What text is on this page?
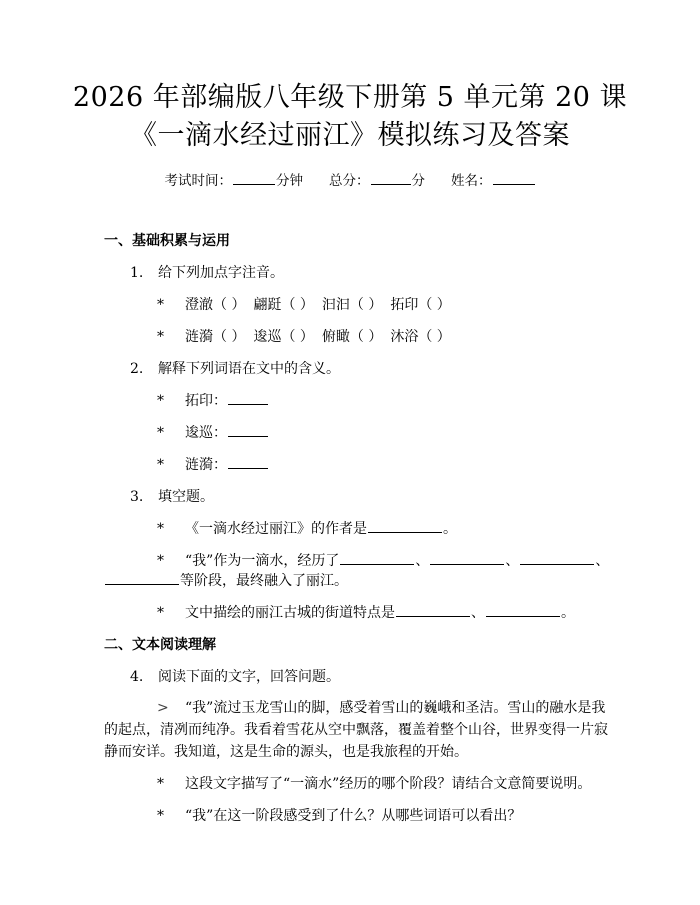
2026 年部编版八年级下册第 5 单元第 20 课
《一滴水经过丽江》模拟练习及答案
考试时间：	分钟 总分：	分 姓名：
一、基础积累与运用
1. 给下列加点字注音。
* 澄澈（ ） 翩跹（ ） 汩汩（ ） 拓印（ ）
* 涟漪（ ） 逡巡（ ） 俯瞰（ ） 沐浴（ ）
2. 解释下列词语在文中的含义。
* 拓印：
* 逡巡：
* 涟漪：
3. 填空题。
* 《一滴水经过丽江》的作者是	。
* “我”作为一滴水，经历了	、	、	、
等阶段，最终融入了丽江。
* 文中描绘的丽江古城的街道特点是	、	。
二、文本阅读理解
4. 阅读下面的文字，回答问题。
> “我”流过玉龙雪山的脚，感受着雪山的巍峨和圣洁。雪山的融水是我
的起点，清冽而纯净。我看着雪花从空中飘落，覆盖着整个山谷，世界变得一片寂
静而安详。我知道，这是生命的源头，也是我旅程的开始。
* 这段文字描写了“一滴水”经历的哪个阶段？请结合文意简要说明。
* “我”在这一阶段感受到了什么？从哪些词语可以看出？
